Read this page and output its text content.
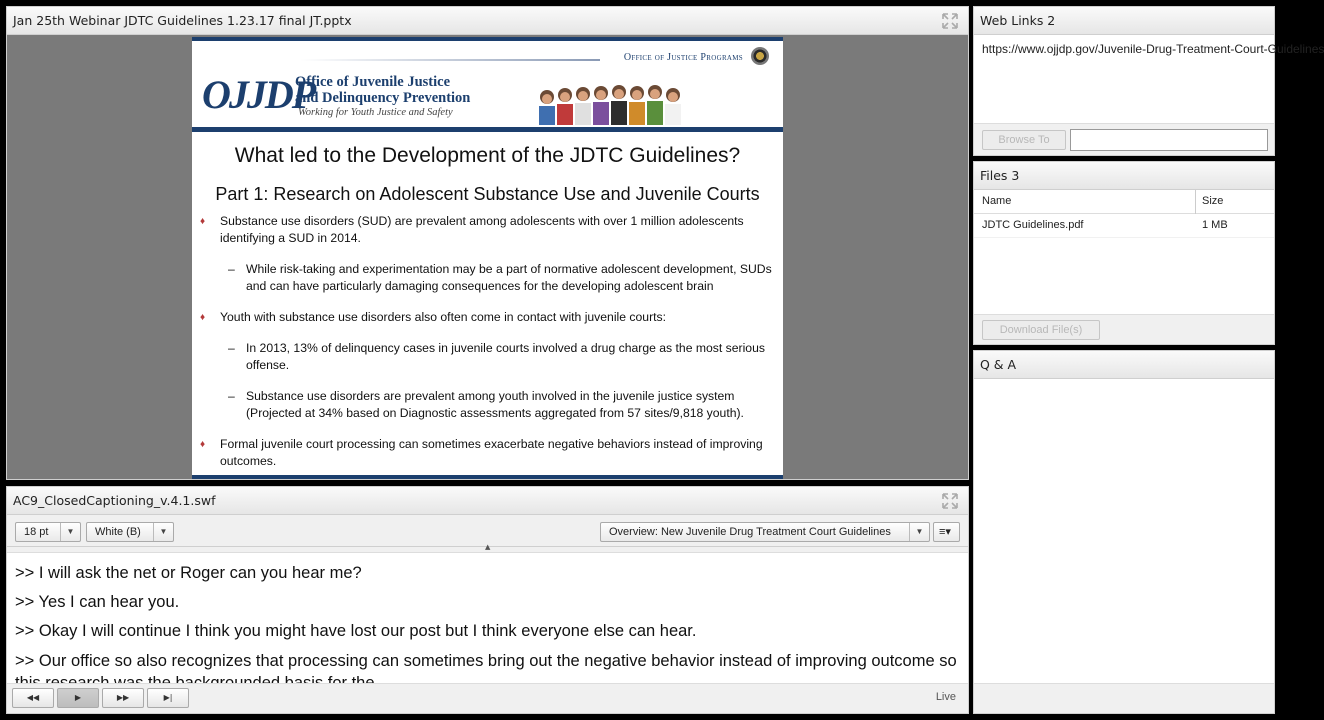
Jan 25th Webinar JDTC Guidelines 1.23.17 final JT.pptx
Office of Justice Programs
OJJDP
Office of Juvenile Justice
and Delinquency Prevention
Working for Youth Justice and Safety
What led to the Development of the JDTC Guidelines?
Part 1: Research on Adolescent Substance Use and Juvenile Courts
♦ Substance use disorders (SUD) are prevalent among adolescents with over 1 million adolescents identifying a SUD in 2014.
– While risk-taking and experimentation may be a part of normative adolescent development, SUDs and can have particularly damaging consequences for the developing adolescent brain
♦ Youth with substance use disorders also often come in contact with juvenile courts:
– In 2013, 13% of delinquency cases in juvenile courts involved a drug charge as the most serious offense.
– Substance use disorders are prevalent among youth involved in the juvenile justice system (Projected at 34% based on Diagnostic assessments aggregated from 57 sites/9,818 youth).
♦ Formal juvenile court processing can sometimes exacerbate negative behaviors instead of improving outcomes.
AC9_ClosedCaptioning_v.4.1.swf
18 pt	▼	White (B)	▼	Overview: New Juvenile Drug Treatment Court Guidelines	▼	≡▾
▲
>> I will ask the net or Roger can you hear me?
>> Yes I can hear you.
>> Okay I will continue I think you might have lost our post but I think everyone else can hear.
>> Our office so also recognizes that processing can sometimes bring out the negative behavior instead of improving outcome so
◀◀	▶	▶▶	▶|	Live
Web Links 2
https://www.ojjdp.gov/Juvenile-Drug-Treatment-Court-Guidelines
Browse To
Files 3
Name	Size
JDTC Guidelines.pdf	1 MB
Download File(s)
Q & A
